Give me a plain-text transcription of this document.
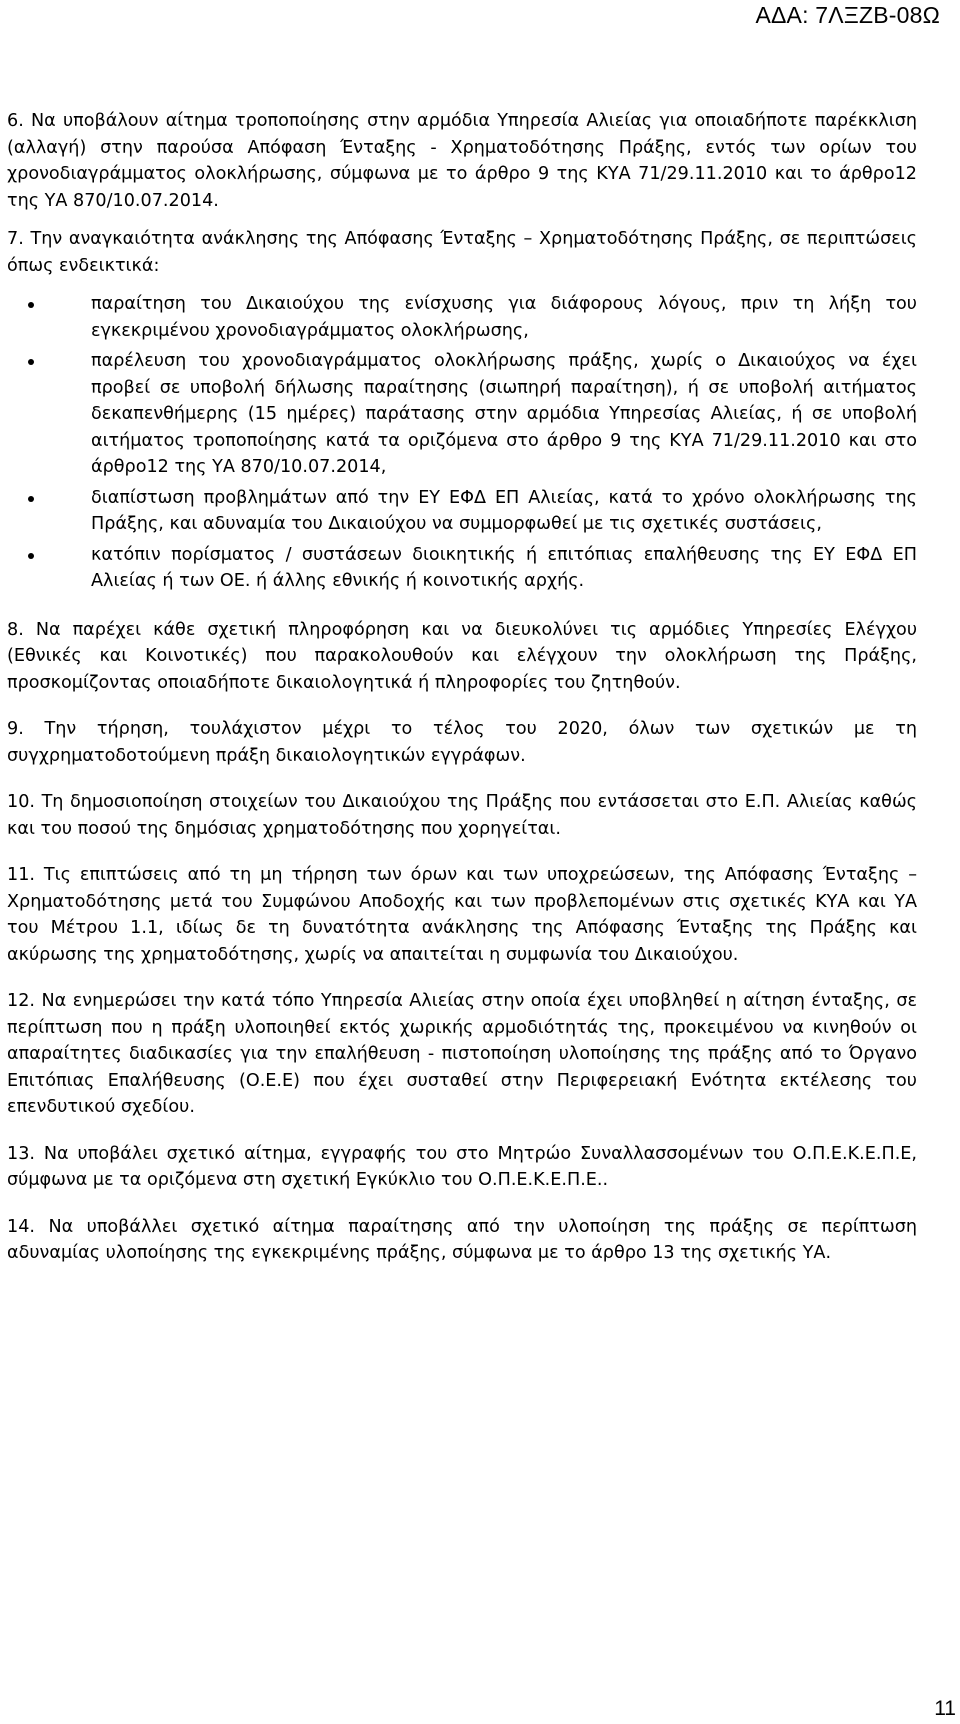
ΑΔΑ: 7ΛΞΖΒ-08Ω

6. Να υποβάλουν αίτημα τροποποίησης στην αρμόδια Υπηρεσία Αλιείας για οποιαδήποτε παρέκκλιση (αλλαγή) στην παρούσα Απόφαση Ένταξης - Χρηματοδότησης Πράξης, εντός των ορίων του χρονοδιαγράμματος ολοκλήρωσης, σύμφωνα με το άρθρο 9 της ΚΥΑ 71/29.11.2010 και το άρθρο12 της ΥΑ 870/10.07.2014.

7. Την αναγκαιότητα ανάκλησης της Απόφασης Ένταξης – Χρηματοδότησης Πράξης, σε περιπτώσεις όπως ενδεικτικά:

παραίτηση του Δικαιούχου της ενίσχυσης για διάφορους λόγους, πριν τη λήξη του εγκεκριμένου χρονοδιαγράμματος ολοκλήρωσης,
παρέλευση του χρονοδιαγράμματος ολοκλήρωσης πράξης, χωρίς ο Δικαιούχος να έχει προβεί σε υποβολή δήλωσης παραίτησης (σιωπηρή παραίτηση), ή σε υποβολή αιτήματος δεκαπενθήμερης (15 ημέρες) παράτασης στην αρμόδια Υπηρεσίας Αλιείας, ή σε υποβολή αιτήματος τροποποίησης κατά τα οριζόμενα στο άρθρο 9 της ΚΥΑ 71/29.11.2010 και στο άρθρο12 της ΥΑ 870/10.07.2014,
διαπίστωση προβλημάτων από την ΕΥ ΕΦΔ ΕΠ Αλιείας, κατά το χρόνο ολοκλήρωσης της Πράξης, και αδυναμία του Δικαιούχου να συμμορφωθεί με τις σχετικές συστάσεις,
κατόπιν πορίσματος / συστάσεων διοικητικής ή επιτόπιας επαλήθευσης της ΕΥ ΕΦΔ ΕΠ Αλιείας ή των ΟΕ. ή άλλης εθνικής ή κοινοτικής αρχής.

8. Να παρέχει κάθε σχετική πληροφόρηση και να διευκολύνει τις αρμόδιες Υπηρεσίες Ελέγχου (Εθνικές και Κοινοτικές) που παρακολουθούν και ελέγχουν την ολοκλήρωση της Πράξης, προσκομίζοντας οποιαδήποτε δικαιολογητικά ή πληροφορίες του ζητηθούν.

9. Την τήρηση, τουλάχιστον μέχρι το τέλος του 2020, όλων των σχετικών με τη συγχρηματοδοτούμενη πράξη δικαιολογητικών εγγράφων.

10. Τη δημοσιοποίηση στοιχείων του Δικαιούχου της Πράξης που εντάσσεται στο Ε.Π. Αλιείας καθώς και του ποσού της δημόσιας χρηματοδότησης που χορηγείται.

11. Τις επιπτώσεις από τη μη τήρηση των όρων και των υποχρεώσεων, της Απόφασης Ένταξης – Χρηματοδότησης μετά του Συμφώνου Αποδοχής και των προβλεπομένων στις σχετικές ΚΥΑ και ΥΑ του Μέτρου 1.1, ιδίως δε τη δυνατότητα ανάκλησης της Απόφασης Ένταξης της Πράξης και ακύρωσης της χρηματοδότησης, χωρίς να απαιτείται η συμφωνία του Δικαιούχου.

12. Να ενημερώσει την κατά τόπο Υπηρεσία Αλιείας στην οποία έχει υποβληθεί η αίτηση ένταξης, σε περίπτωση που η πράξη υλοποιηθεί εκτός χωρικής αρμοδιότητάς της, προκειμένου να κινηθούν οι απαραίτητες διαδικασίες για την επαλήθευση - πιστοποίηση υλοποίησης της πράξης από το Όργανο Επιτόπιας Επαλήθευσης (Ο.Ε.Ε) που έχει συσταθεί στην Περιφερειακή Ενότητα εκτέλεσης του επενδυτικού σχεδίου.

13. Να υποβάλει σχετικό αίτημα, εγγραφής του στο Μητρώο Συναλλασσομένων του Ο.Π.Ε.Κ.Ε.Π.Ε, σύμφωνα με τα οριζόμενα στη σχετική Εγκύκλιο του Ο.Π.Ε.Κ.Ε.Π.Ε..

14. Να υποβάλλει σχετικό αίτημα παραίτησης από την υλοποίηση της πράξης σε περίπτωση αδυναμίας υλοποίησης της εγκεκριμένης πράξης, σύμφωνα με το άρθρο 13 της σχετικής ΥΑ.

11
